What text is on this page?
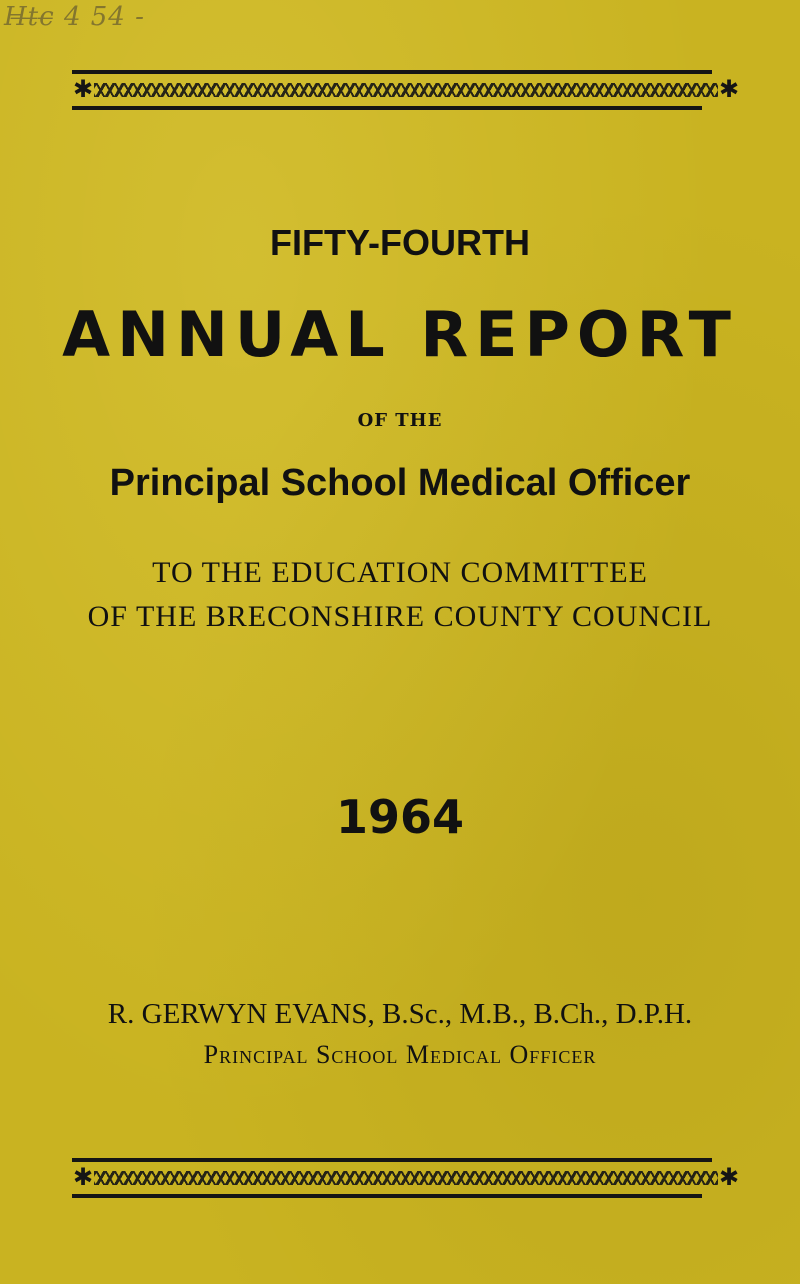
H̶t̶c̶ 4 54 -
✱	✱
FIFTY-FOURTH
ANNUAL REPORT
OF THE
Principal School Medical Officer
TO THE EDUCATION COMMITTEE
OF THE BRECONSHIRE COUNTY COUNCIL
1964
R. GERWYN EVANS, B.Sc., M.B., B.Ch., D.P.H.
Principal School Medical Officer
✱	✱
